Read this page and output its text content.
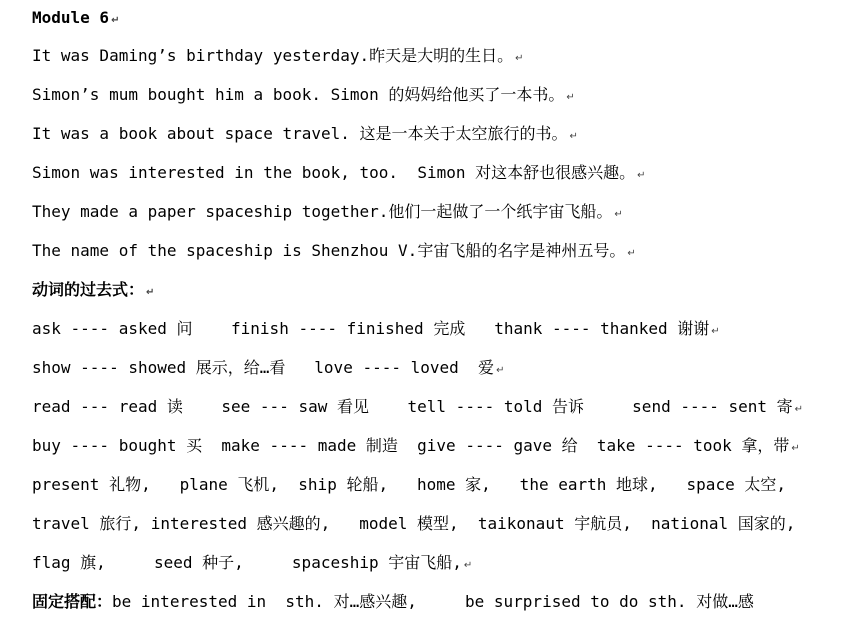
Module 6 ↵
It was Daming’s birthday yesterday.昨天是大明的生日。 ↵
Simon’s mum bought him a book. Simon 的妈妈给他买了一本书。 ↵
It was a book about space travel. 这是一本关于太空旅行的书。 ↵
Simon was interested in the book, too.  Simon 对这本舒也很感兴趣。 ↵
They made a paper spaceship together.他们一起做了一个纸宇宙飞船。 ↵
The name of the spaceship is Shenzhou V.宇宙飞船的名字是神州五号。 ↵
动词的过去式： ↵
ask ---- asked 问    finish ---- finished 完成   thank ---- thanked 谢谢 ↵
show ---- showed 展示，给…看   love ---- loved  爱 ↵
read --- read 读    see --- saw 看见    tell ---- told 告诉     send ---- sent 寄 ↵
buy ---- bought 买  make ---- made 制造  give ---- gave 给  take ---- took 拿，带 ↵
present 礼物,   plane 飞机,  ship 轮船,   home 家,   the earth 地球,   space 太空,
travel 旅行, interested 感兴趣的,   model 模型,  taikonaut 宇航员,  national 国家的,
flag 旗,     seed 种子,     spaceship 宇宙飞船, ↵
固定搭配：be interested in  sth. 对…感兴趣,     be surprised to do sth. 对做…感
